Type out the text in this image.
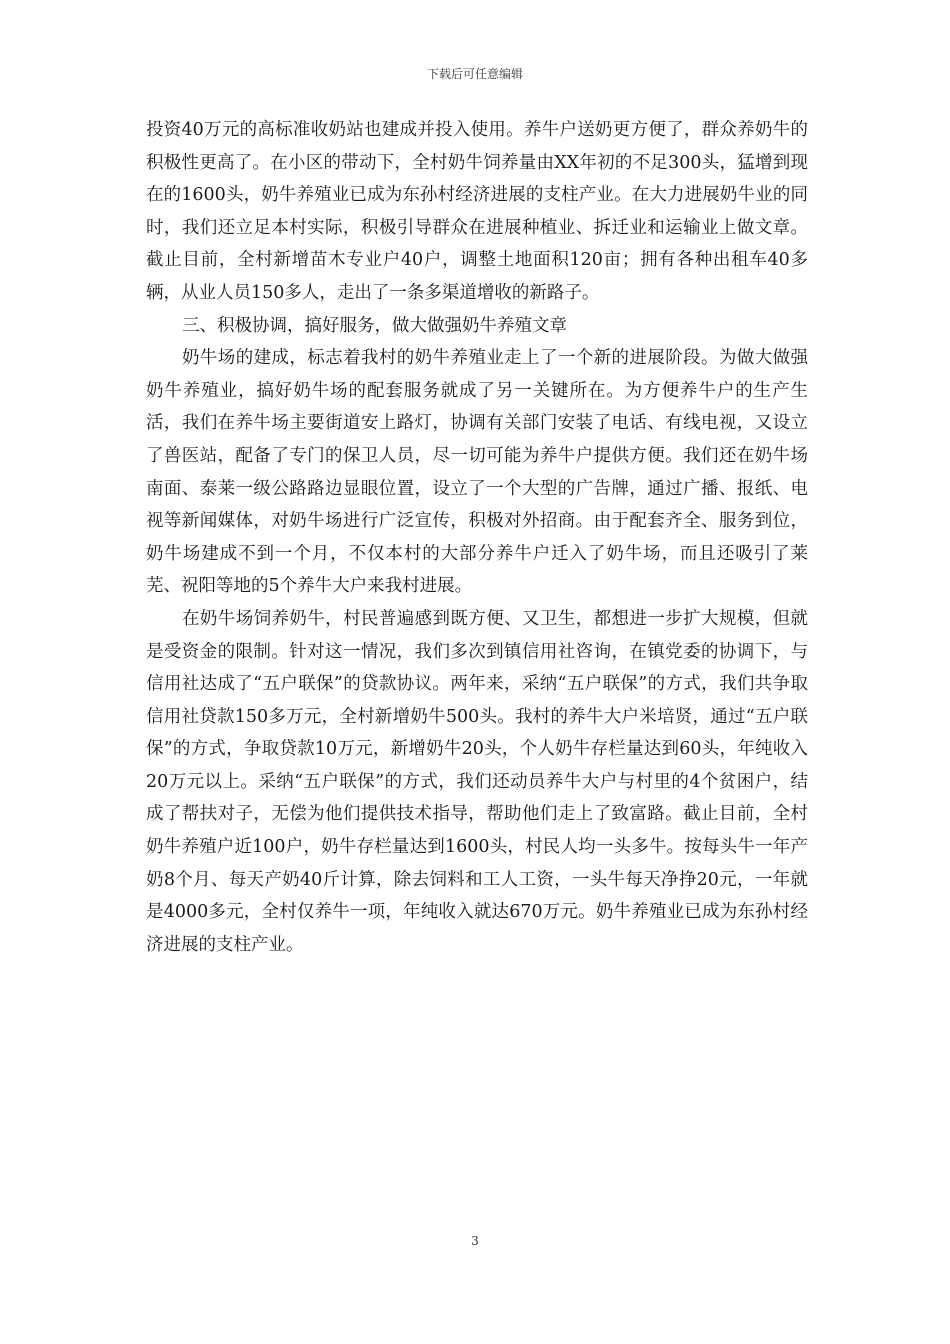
下载后可任意编辑

投资40万元的高标准收奶站也建成并投入使用。养牛户送奶更方便了，群众养奶牛的积极性更高了。在小区的带动下，全村奶牛饲养量由XX年初的不足300头，猛增到现在的1600头，奶牛养殖业已成为东孙村经济进展的支柱产业。在大力进展奶牛业的同时，我们还立足本村实际，积极引导群众在进展种植业、拆迁业和运输业上做文章。截止目前，全村新增苗木专业户40户，调整土地面积120亩；拥有各种出租车40多辆，从业人员150多人，走出了一条多渠道增收的新路子。

三、积极协调，搞好服务，做大做强奶牛养殖文章

奶牛场的建成，标志着我村的奶牛养殖业走上了一个新的进展阶段。为做大做强奶牛养殖业，搞好奶牛场的配套服务就成了另一关键所在。为方便养牛户的生产生活，我们在养牛场主要街道安上路灯，协调有关部门安装了电话、有线电视，又设立了兽医站，配备了专门的保卫人员，尽一切可能为养牛户提供方便。我们还在奶牛场南面、泰莱一级公路路边显眼位置，设立了一个大型的广告牌，通过广播、报纸、电视等新闻媒体，对奶牛场进行广泛宣传，积极对外招商。由于配套齐全、服务到位，奶牛场建成不到一个月，不仅本村的大部分养牛户迁入了奶牛场，而且还吸引了莱芜、祝阳等地的5个养牛大户来我村进展。

在奶牛场饲养奶牛，村民普遍感到既方便、又卫生，都想进一步扩大规模，但就是受资金的限制。针对这一情况，我们多次到镇信用社咨询，在镇党委的协调下，与信用社达成了“五户联保”的贷款协议。两年来，采纳“五户联保”的方式，我们共争取信用社贷款150多万元，全村新增奶牛500头。我村的养牛大户米培贤，通过“五户联保”的方式，争取贷款10万元，新增奶牛20头，个人奶牛存栏量达到60头，年纯收入20万元以上。采纳“五户联保”的方式，我们还动员养牛大户与村里的4个贫困户，结成了帮扶对子，无偿为他们提供技术指导，帮助他们走上了致富路。截止目前，全村奶牛养殖户近100户，奶牛存栏量达到1600头，村民人均一头多牛。按每头牛一年产奶8个月、每天产奶40斤计算，除去饲料和工人工资，一头牛每天净挣20元，一年就是4000多元，全村仅养牛一项，年纯收入就达670万元。奶牛养殖业已成为东孙村经济进展的支柱产业。

3
